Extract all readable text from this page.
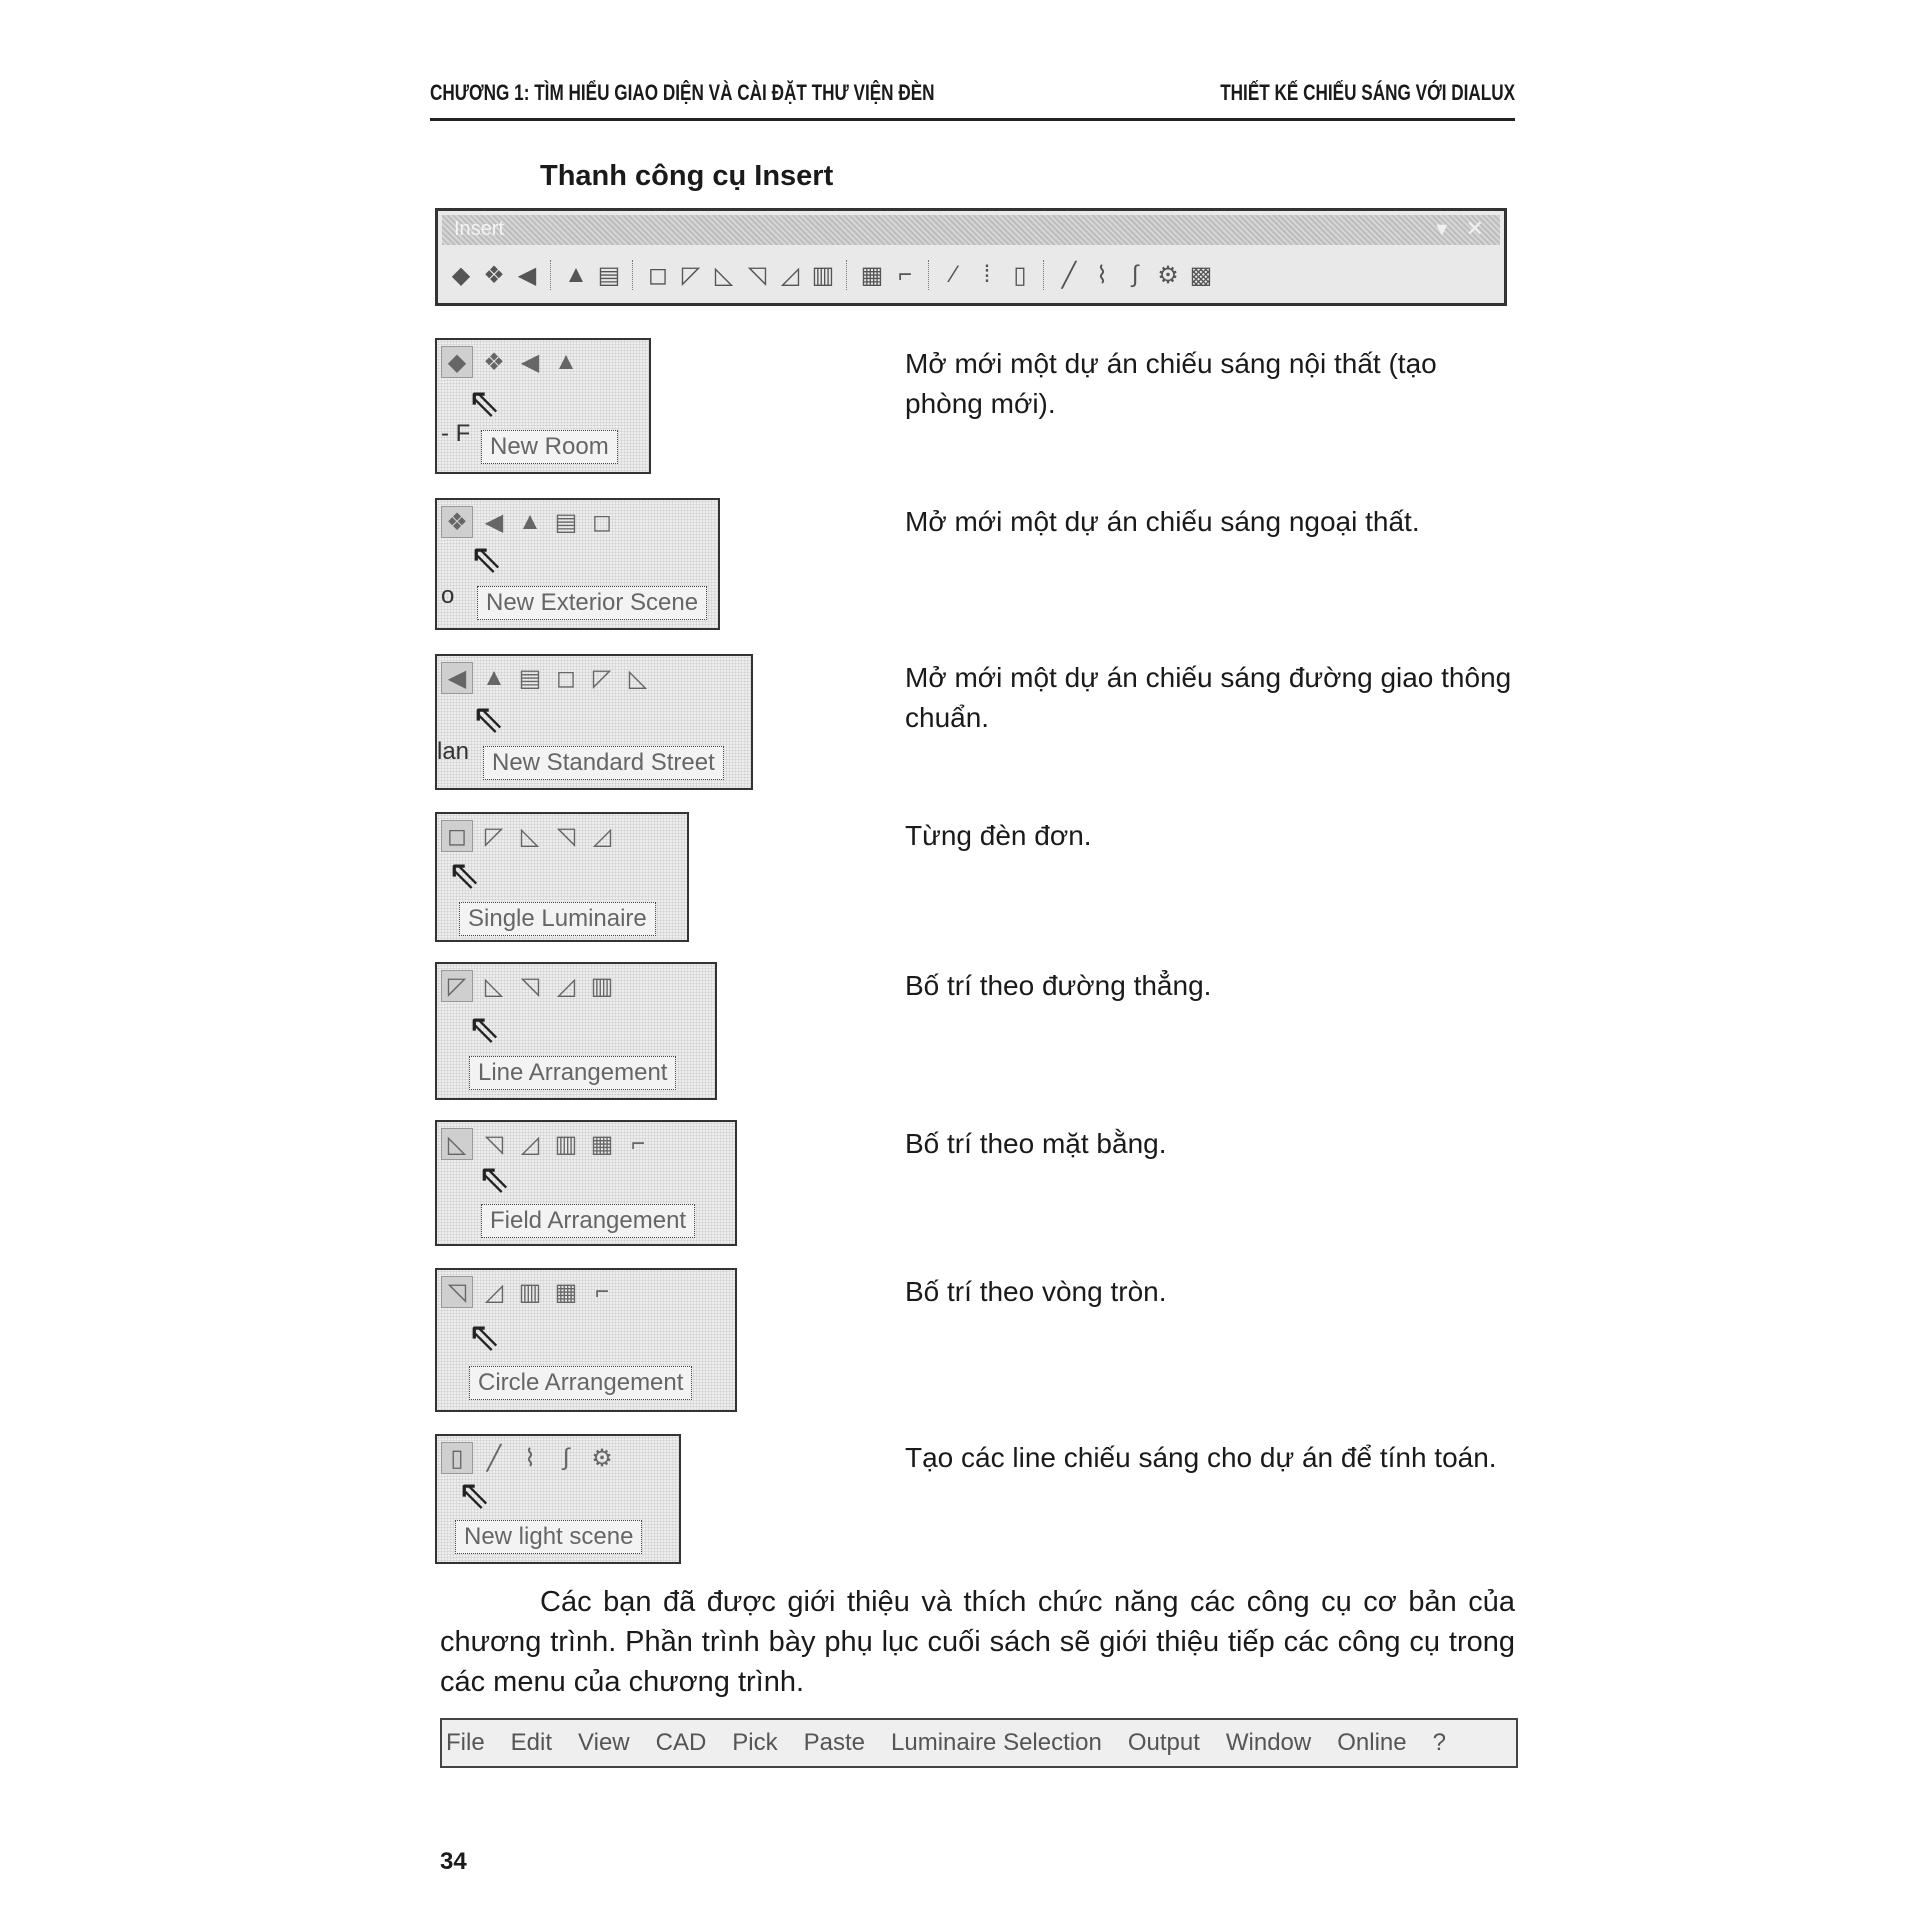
CHƯƠNG 1: TÌM HIỂU GIAO DIỆN VÀ CÀI ĐẶT THƯ VIỆN ĐÈN	THIẾT KẾ CHIẾU SÁNG VỚI DIALUX
Thanh công cụ Insert
Insert	▾ ✕
◆ ❖ ◀ ▲ ▤ ◻ ◸ ◺ ◹ ◿ ▥ ▦ ⌐	⁄	⁞ ▯	╱ ⌇ ∫ ⚙ ▩
◆ ❖ ◀ ▲
⇖
- F New Room
Mở mới một dự án chiếu sáng nội thất (tạo phòng mới).
❖ ◀ ▲ ▤ ◻
⇖
o	New Exterior Scene
Mở mới một dự án chiếu sáng ngoại thất.
◀ ▲ ▤ ◻ ◸ ◺
⇖
lan New Standard Street
Mở mới một dự án chiếu sáng đường giao thông chuẩn.
◻ ◸ ◺ ◹ ◿
⇖
Single Luminaire
Từng đèn đơn.
◸ ◺ ◹ ◿ ▥
⇖
Line Arrangement
Bố trí theo đường thẳng.
◺ ◹ ◿ ▥ ▦ ⌐
⇖
Field Arrangement
Bố trí theo mặt bằng.
◹ ◿ ▥ ▦ ⌐
⇖
Circle Arrangement
Bố trí theo vòng tròn.
▯ ╱ ⌇	∫ ⚙
⇖
New light scene
Tạo các line chiếu sáng cho dự án để tính toán.
Các bạn đã được giới thiệu và thích chức năng các công cụ cơ bản của chương trình. Phần trình bày phụ lục cuối sách sẽ giới thiệu tiếp các công cụ trong các menu của chương trình.
File	Edit	View	CAD	Pick	Paste	Luminaire Selection	Output	Window	Online	?
34
